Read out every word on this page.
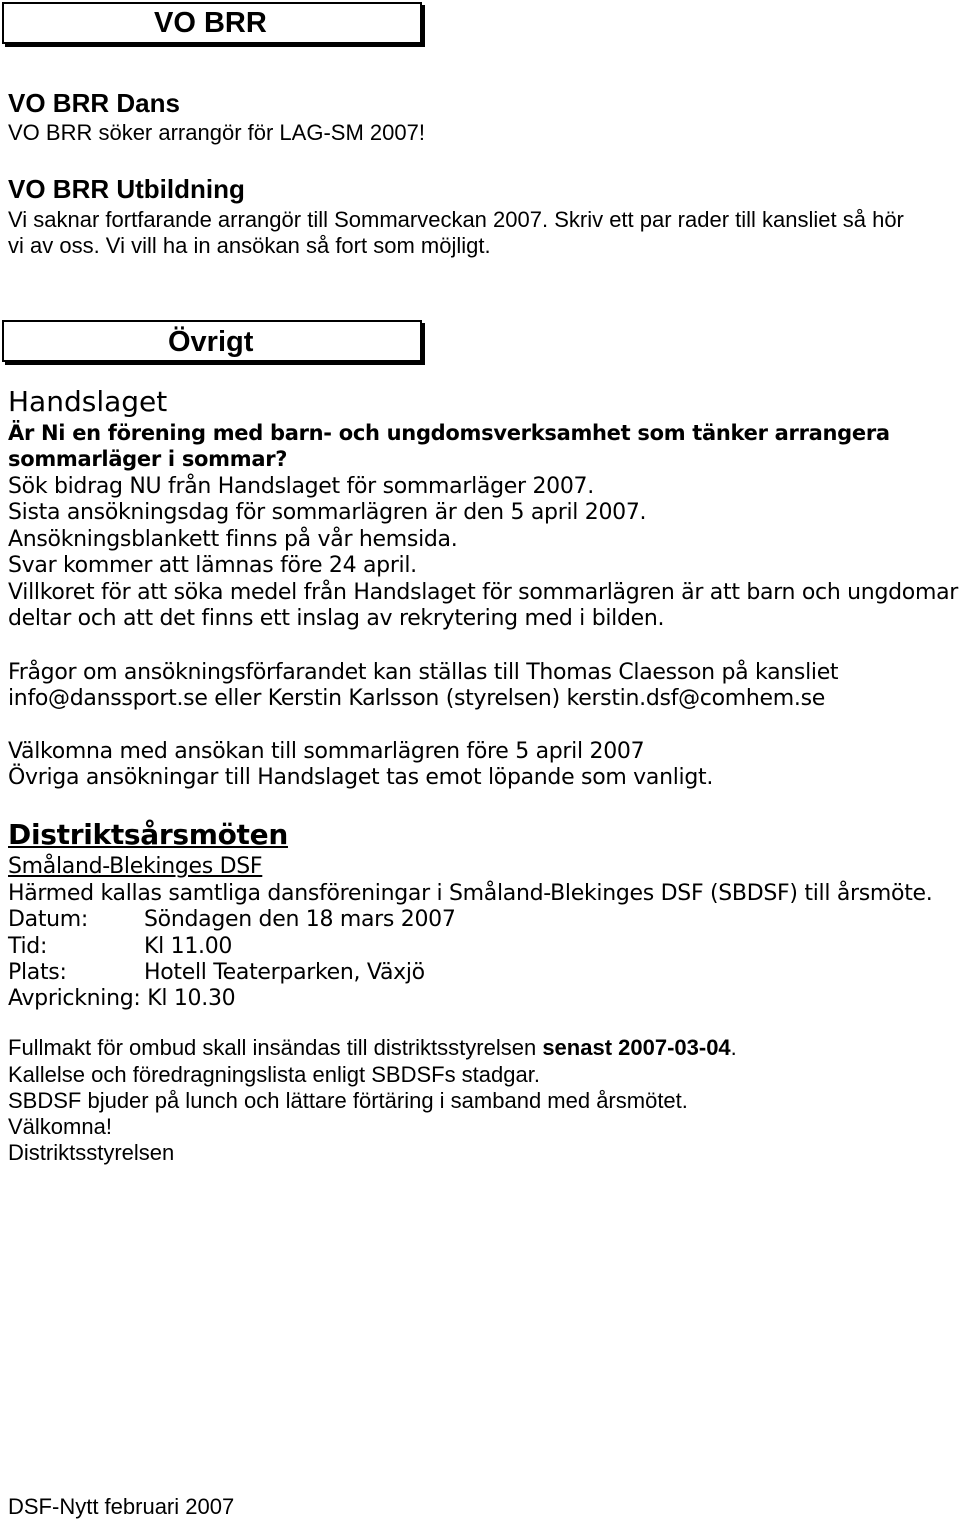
VO BRR
VO BRR Dans
VO BRR söker arrangör för LAG-SM 2007!
VO BRR Utbildning
Vi saknar fortfarande arrangör till Sommarveckan 2007. Skriv ett par rader till kansliet så hör
vi av oss. Vi vill ha in ansökan så fort som möjligt.
Övrigt
Handslaget
Är Ni en förening med barn- och ungdomsverksamhet som tänker arrangera
sommarläger i sommar?
Sök bidrag NU från Handslaget för sommarläger 2007.
Sista ansökningsdag för sommarlägren är den 5 april 2007.
Ansökningsblankett finns på vår hemsida.
Svar kommer att lämnas före 24 april.
Villkoret för att söka medel från Handslaget för sommarlägren är att barn och ungdomar
deltar och att det finns ett inslag av rekrytering med i bilden.
Frågor om ansökningsförfarandet kan ställas till Thomas Claesson på kansliet
info@danssport.se eller Kerstin Karlsson (styrelsen) kerstin.dsf@comhem.se
Välkomna med ansökan till sommarlägren före 5 april 2007
Övriga ansökningar till Handslaget tas emot löpande som vanligt.
Distriktsårsmöten
Småland-Blekinges DSF
Härmed kallas samtliga dansföreningar i Småland-Blekinges DSF (SBDSF) till årsmöte.
Datum:	Söndagen den 18 mars 2007
Tid:	Kl 11.00
Plats:	Hotell Teaterparken, Växjö
Avprickning: Kl 10.30
Fullmakt för ombud skall insändas till distriktsstyrelsen senast 2007-03-04.
Kallelse och föredragningslista enligt SBDSFs stadgar.
SBDSF bjuder på lunch och lättare förtäring i samband med årsmötet.
Välkomna!
Distriktsstyrelsen
DSF-Nytt februari 2007
